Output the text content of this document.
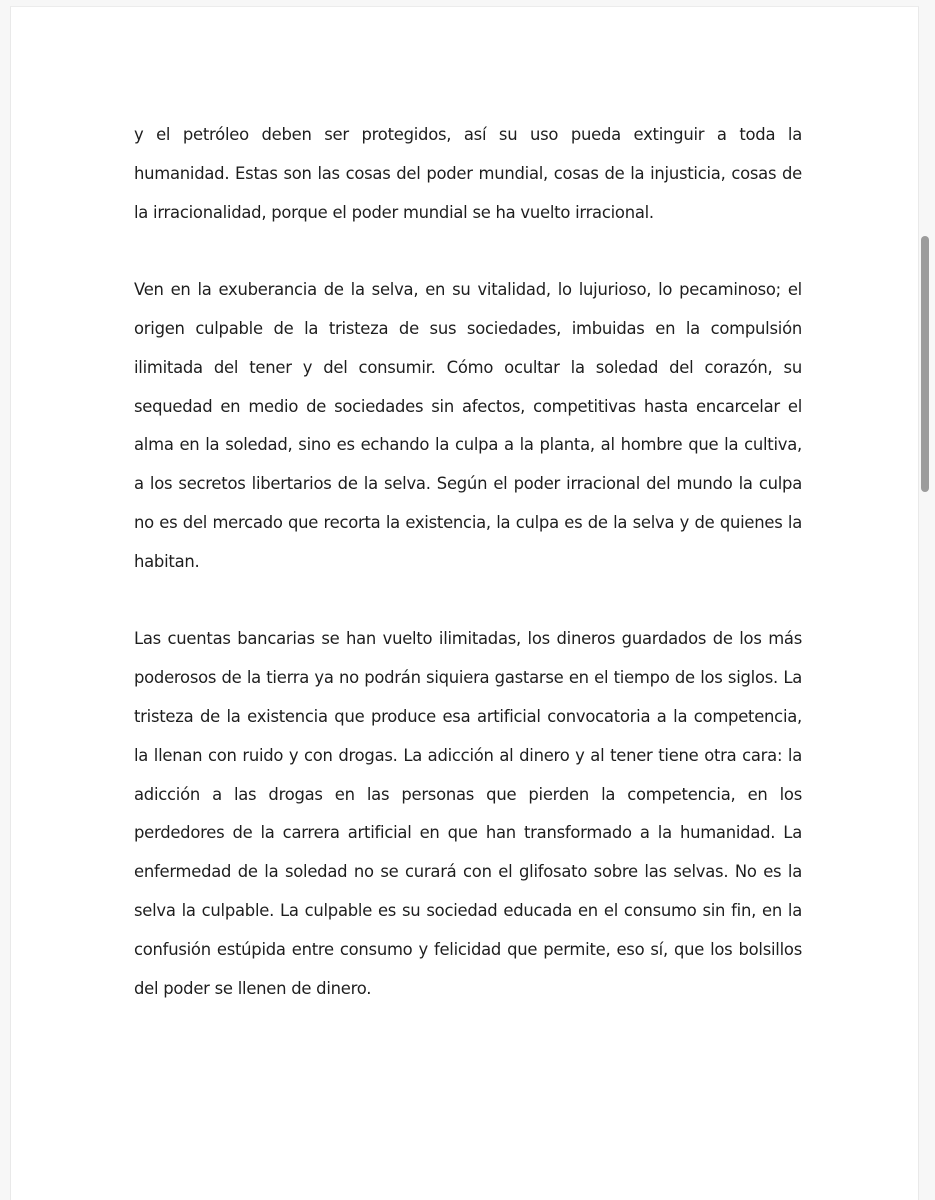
y el petróleo deben ser protegidos, así su uso pueda extinguir a toda la humanidad. Estas son las cosas del poder mundial, cosas de la injusticia, cosas de la irracionalidad, porque el poder mundial se ha vuelto irracional.

Ven en la exuberancia de la selva, en su vitalidad, lo lujurioso, lo pecaminoso; el origen culpable de la tristeza de sus sociedades, imbuidas en la compulsión ilimitada del tener y del consumir. Cómo ocultar la soledad del corazón, su sequedad en medio de sociedades sin afectos, competitivas hasta encarcelar el alma en la soledad, sino es echando la culpa a la planta, al hombre que la cultiva, a los secretos libertarios de la selva. Según el poder irracional del mundo la culpa no es del mercado que recorta la existencia, la culpa es de la selva y de quienes la habitan.

Las cuentas bancarias se han vuelto ilimitadas, los dineros guardados de los más poderosos de la tierra ya no podrán siquiera gastarse en el tiempo de los siglos. La tristeza de la existencia que produce esa artificial convocatoria a la competencia, la llenan con ruido y con drogas. La adicción al dinero y al tener tiene otra cara: la adicción a las drogas en las personas que pierden la competencia, en los perdedores de la carrera artificial en que han transformado a la humanidad. La enfermedad de la soledad no se curará con el glifosato sobre las selvas. No es la selva la culpable. La culpable es su sociedad educada en el consumo sin fin, en la confusión estúpida entre consumo y felicidad que permite, eso sí, que los bolsillos del poder se llenen de dinero.
